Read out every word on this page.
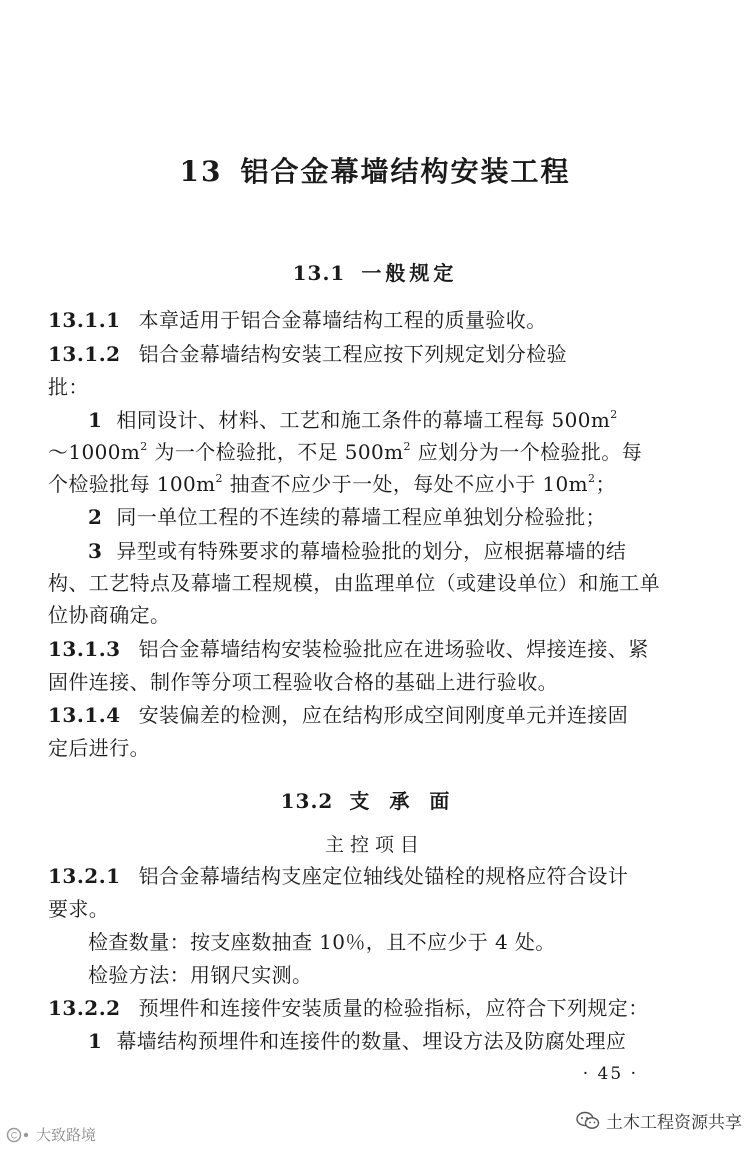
13 铝合金幕墙结构安装工程
13.1 一般规定
13.1.1 本章适用于铝合金幕墙结构工程的质量验收。
13.1.2 铝合金幕墙结构安装工程应按下列规定划分检验
批：
1 相同设计、材料、工艺和施工条件的幕墙工程每 $500m^2$
$\sim 1000m^2$ 为一个检验批，不足 $500m^2$ 应划分为一个检验批。每
个检验批每 $100m^2$ 抽查不应少于一处，每处不应小于 $10m^2$；
2 同一单位工程的不连续的幕墙工程应单独划分检验批；
3 异型或有特殊要求的幕墙检验批的划分，应根据幕墙的结
构、工艺特点及幕墙工程规模，由监理单位（或建设单位）和施工单
位协商确定。
13.1.3 铝合金幕墙结构安装检验批应在进场验收、焊接连接、紧
固件连接、制作等分项工程验收合格的基础上进行验收。
13.1.4 安装偏差的检测，应在结构形成空间刚度单元并连接固
定后进行。
13.2 支承面
主控项目
13.2.1 铝合金幕墙结构支座定位轴线处锚栓的规格应符合设计
要求。
检查数量：按支座数抽查 10％，且不应少于 4 处。
检验方法：用钢尺实测。
13.2.2 预埋件和连接件安装质量的检验指标，应符合下列规定：
1 幕墙结构预埋件和连接件的数量、埋设方法及防腐处理应
· 45 ·
C 大致路境
土木工程资源共享
